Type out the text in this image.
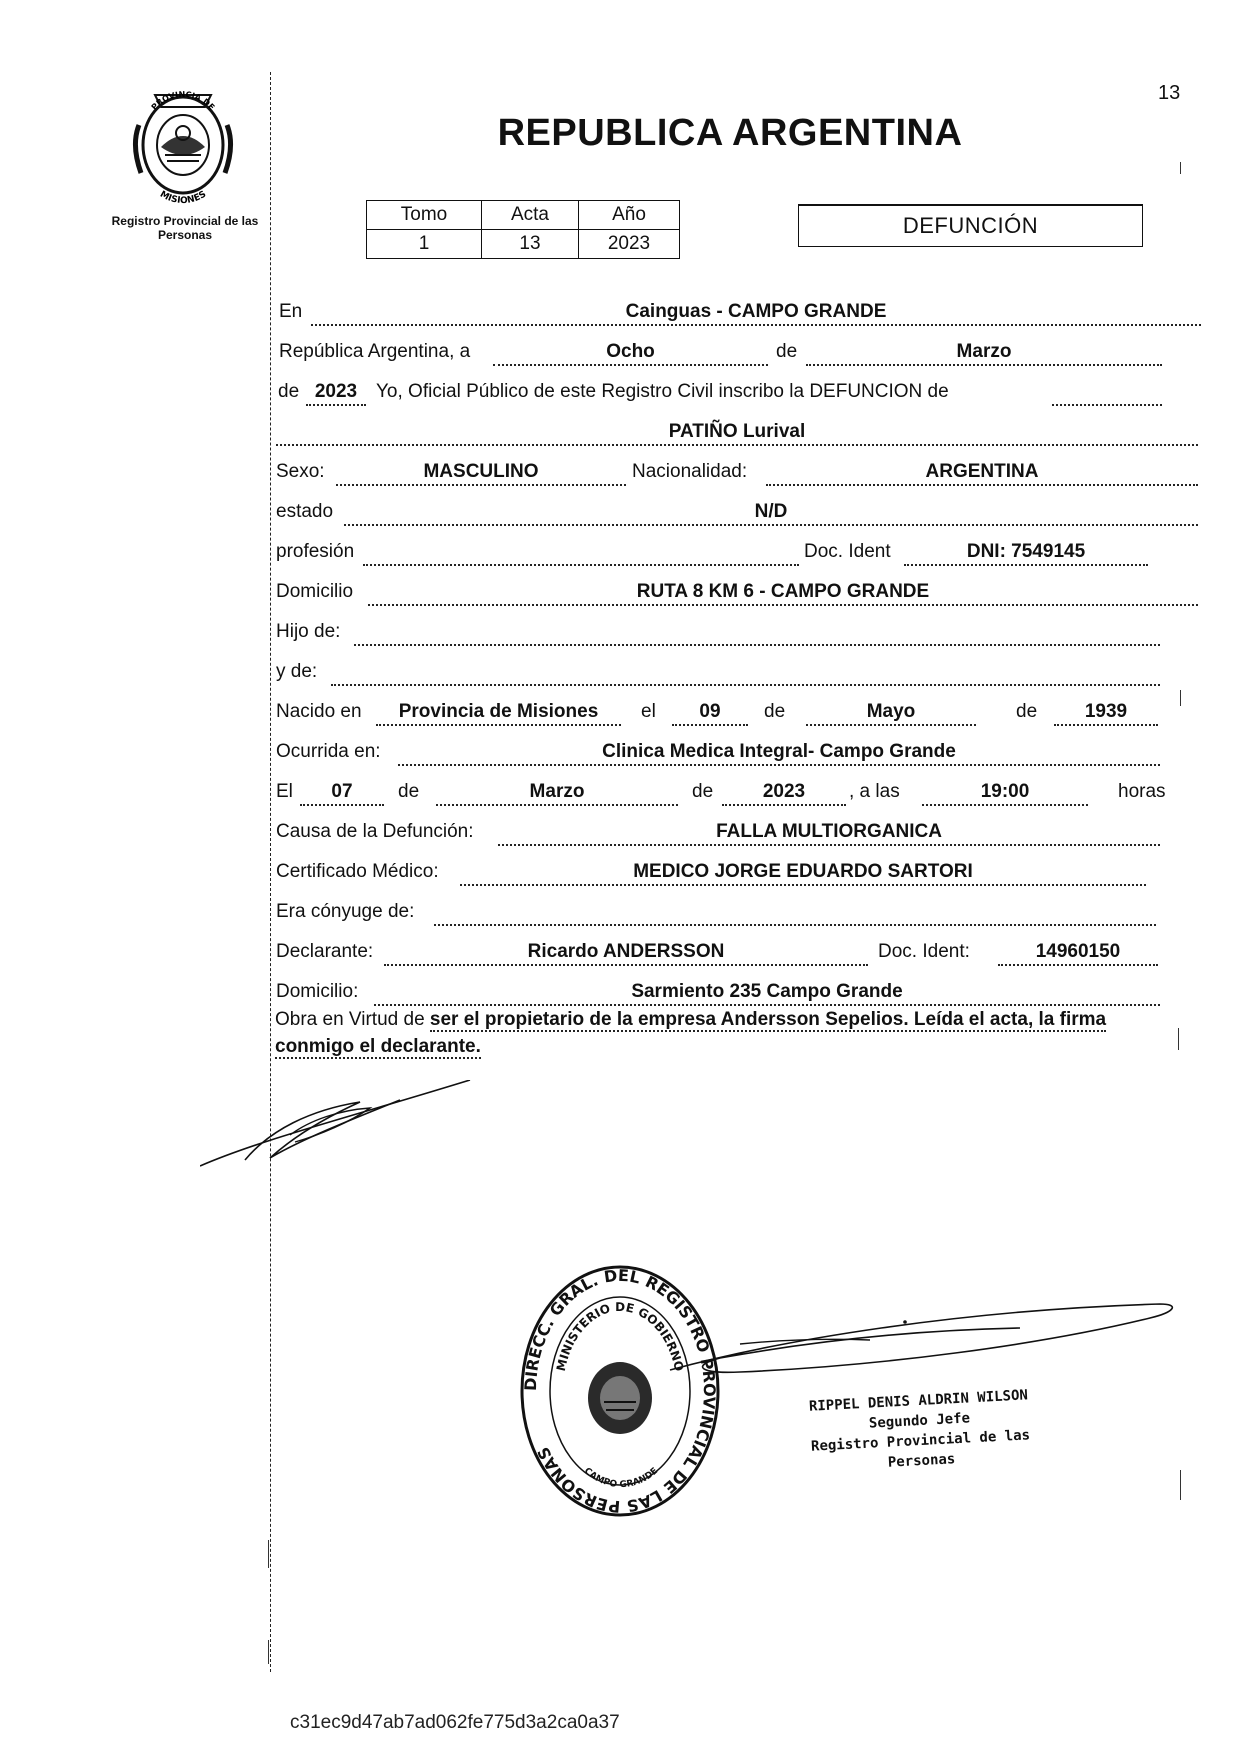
13
PROVINCIA DE
MISIONES
Registro Provincial de las Personas
REPUBLICA ARGENTINA
Tomo	Acta	Año
1	13	2023
DEFUNCIÓN
En	Cainguas - CAMPO GRANDE
República Argentina, a	Ocho	de	Marzo
de 2023 Yo, Oficial Público de este Registro Civil inscribo la DEFUNCION de
PATIÑO Lurival
Sexo:	MASCULINO	Nacionalidad:	ARGENTINA
estado	N/D
profesión	Doc. Ident	DNI: 7549145
Domicilio	RUTA 8 KM 6 - CAMPO GRANDE
Hijo de:
y de:
Nacido en	Provincia de Misiones	el	09	de	Mayo	de	1939
Ocurrida en:	Clinica Medica Integral- Campo Grande
El	07	de	Marzo	de	2023	, a las	19:00	horas
Causa de la Defunción:	FALLA MULTIORGANICA
Certificado Médico:	MEDICO JORGE EDUARDO SARTORI
Era cónyuge de:
Declarante:	Ricardo ANDERSSON	Doc. Ident:	14960150
Domicilio:	Sarmiento 235 Campo Grande
Obra en Virtud de ser el propietario de la empresa Andersson Sepelios. Leída el acta, la firma conmigo el declarante.
DIRECC. GRAL. DEL REGISTRO PROVINCIAL DE LAS PERSONAS
MINISTERIO DE GOBIERNO
CAMPO GRANDE
RIPPEL DENIS ALDRIN WILSON
Segundo Jefe
Registro Provincial de las Personas
c31ec9d47ab7ad062fe775d3a2ca0a37
